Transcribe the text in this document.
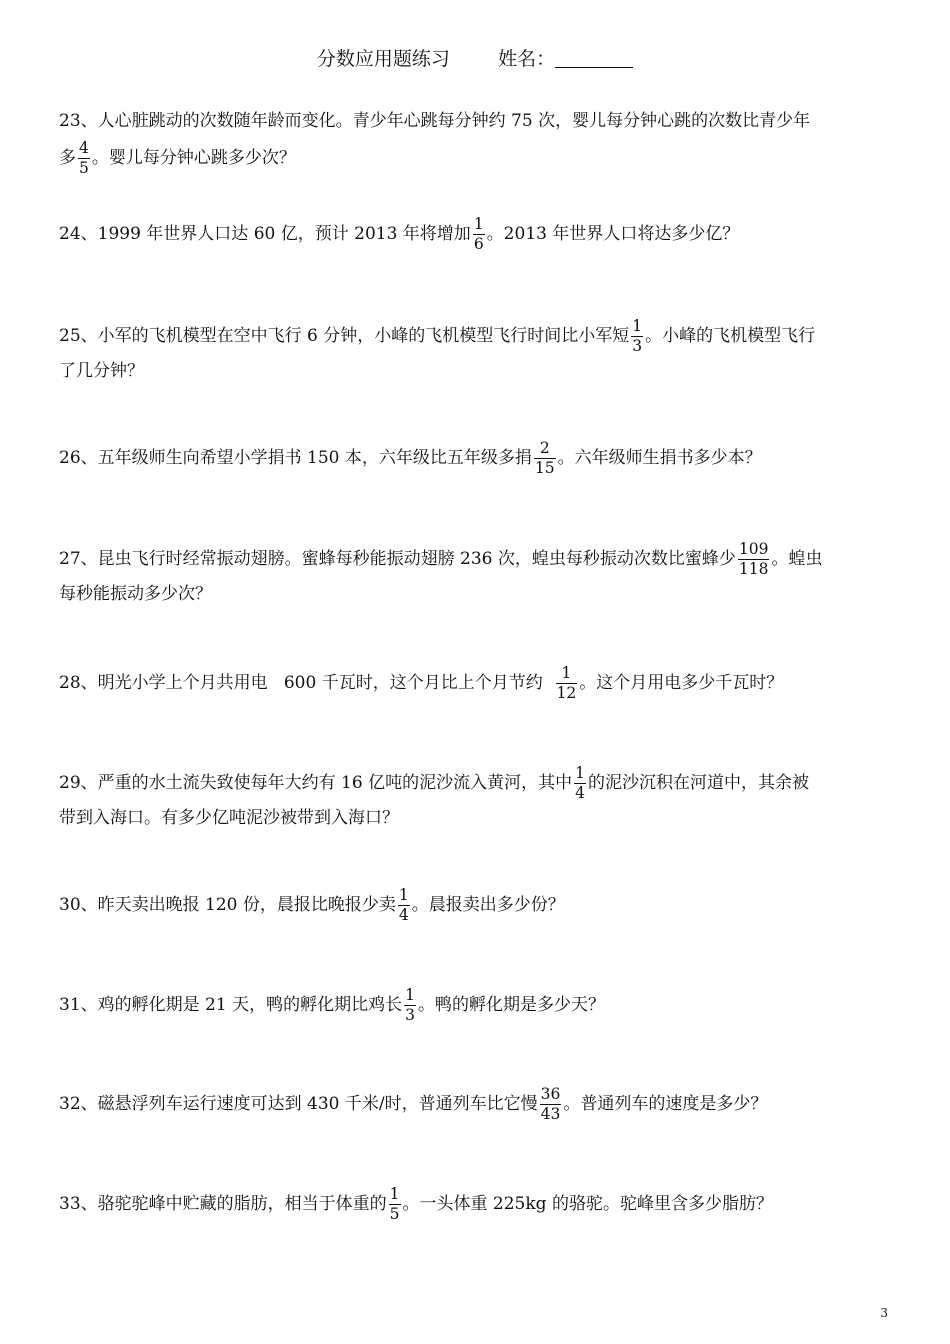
分数应用题练习	姓名：
23、人心脏跳动的次数随年龄而变化。青少年心跳每分钟约 75 次，婴儿每分钟心跳的次数比青少年
多 $\frac{4}{5}$ 。婴儿每分钟心跳多少次？
24、1999 年世界人口达 60 亿，预计 2013 年将增加 $\frac{1}{6}$ 。2013 年世界人口将达多少亿？
25、小军的飞机模型在空中飞行 6 分钟，小峰的飞机模型飞行时间比小军短 $\frac{1}{3}$ 。小峰的飞机模型飞行
了几分钟？
26、五年级师生向希望小学捐书 150 本，六年级比五年级多捐 $\frac{2}{15}$ 。六年级师生捐书多少本？
27、昆虫飞行时经常振动翅膀。蜜蜂每秒能振动翅膀 236 次，蝗虫每秒振动次数比蜜蜂少 $\frac{109}{118}$ 。蝗虫
每秒能振动多少次？
28、明光小学上个月共用电   600 千瓦时，这个月比上个月节约 $\frac{1}{12}$ 。这个月用电多少千瓦时？
29、严重的水土流失致使每年大约有 16 亿吨的泥沙流入黄河，其中 $\frac{1}{4}$ 的泥沙沉积在河道中，其余被
带到入海口。有多少亿吨泥沙被带到入海口？
30、昨天卖出晚报 120 份，晨报比晚报少卖 $\frac{1}{4}$ 。晨报卖出多少份？
31、鸡的孵化期是 21 天，鸭的孵化期比鸡长 $\frac{1}{3}$ 。鸭的孵化期是多少天？
32、磁悬浮列车运行速度可达到 430 千米/时，普通列车比它慢 $\frac{36}{43}$ 。普通列车的速度是多少？
33、骆驼驼峰中贮藏的脂肪，相当于体重的 $\frac{1}{5}$ 。一头体重 225kg 的骆驼。驼峰里含多少脂肪？
3
